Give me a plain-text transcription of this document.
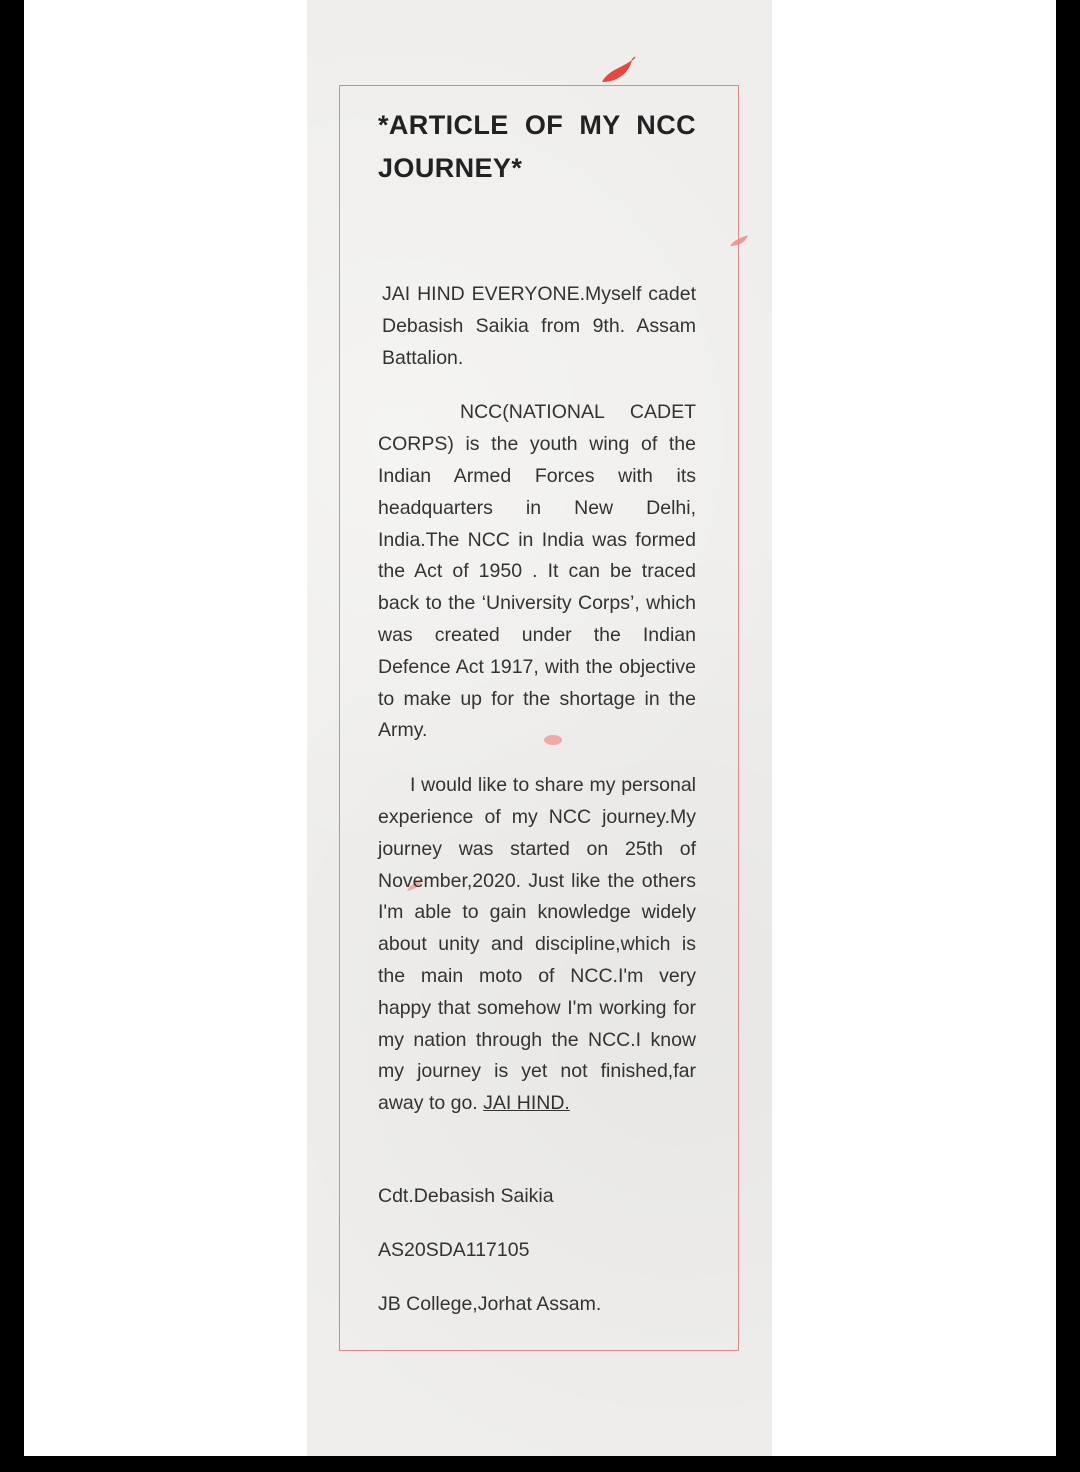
*ARTICLE OF MY NCC JOURNEY*

JAI HIND EVERYONE.Myself cadet Debasish Saikia from 9th. Assam Battalion.

NCC(NATIONAL CADET CORPS) is the youth wing of the Indian Armed Forces with its headquarters in New Delhi, India.The NCC in India was formed the Act of 1950 . It can be traced back to the ‘University Corps’, which was created under the Indian Defence Act 1917, with the objective to make up for the shortage in the Army.

I would like to share my personal experience of my NCC journey.My journey was started on 25th of November,2020. Just like the others I'm able to gain knowledge widely about unity and discipline,which is the main moto of NCC.I'm very happy that somehow I'm working for my nation through the NCC.I know my journey is yet not finished,far away to go. JAI HIND.

Cdt.Debasish Saikia

AS20SDA117105

JB College,Jorhat Assam.
